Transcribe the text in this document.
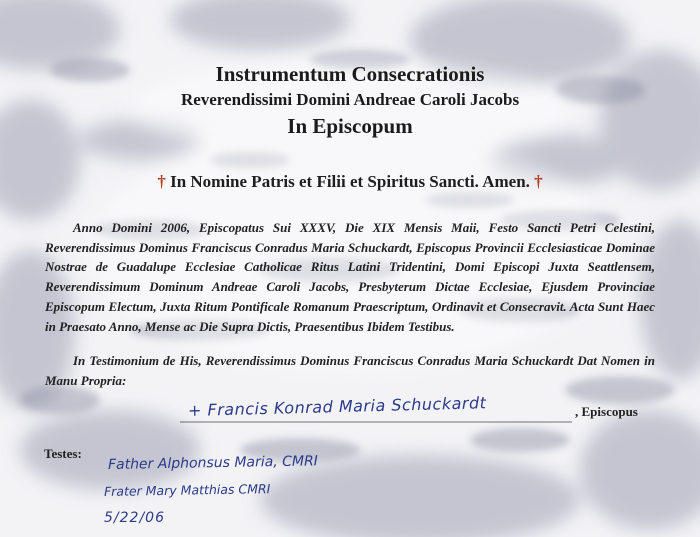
Instrumentum Consecrationis
Reverendissimi Domini Andreae Caroli Jacobs
In Episcopum
† In Nomine Patris et Filii et Spiritus Sancti. Amen. †

Anno Domini 2006, Episcopatus Sui XXXV, Die XIX Mensis Maii, Festo Sancti Petri Celestini, Reverendissimus Dominus Franciscus Conradus Maria Schuckardt, Episcopus Provincii Ecclesiasticae Dominae Nostrae de Guadalupe Ecclesiae Catholicae Ritus Latini Tridentini, Domi Episcopi Juxta Seattlensem, Reverendissimum Dominum Andreae Caroli Jacobs, Presbyterum Dictae Ecclesiae, Ejusdem Provinciae Episcopum Electum, Juxta Ritum Pontificale Romanum Praescriptum, Ordinavit et Consecravit. Acta Sunt Haec in Praesato Anno, Mense ac Die Supra Dictis, Praesentibus Ibidem Testibus.

In Testimonium de His, Reverendissimus Dominus Franciscus Conradus Maria Schuckardt Dat Nomen in Manu Propria:

+ Francis Konrad Maria Schuckardt	, Episcopus
Testes: Father Alphonsus Maria, CMRI
Frater Mary Matthias CMRI
5/22/06
